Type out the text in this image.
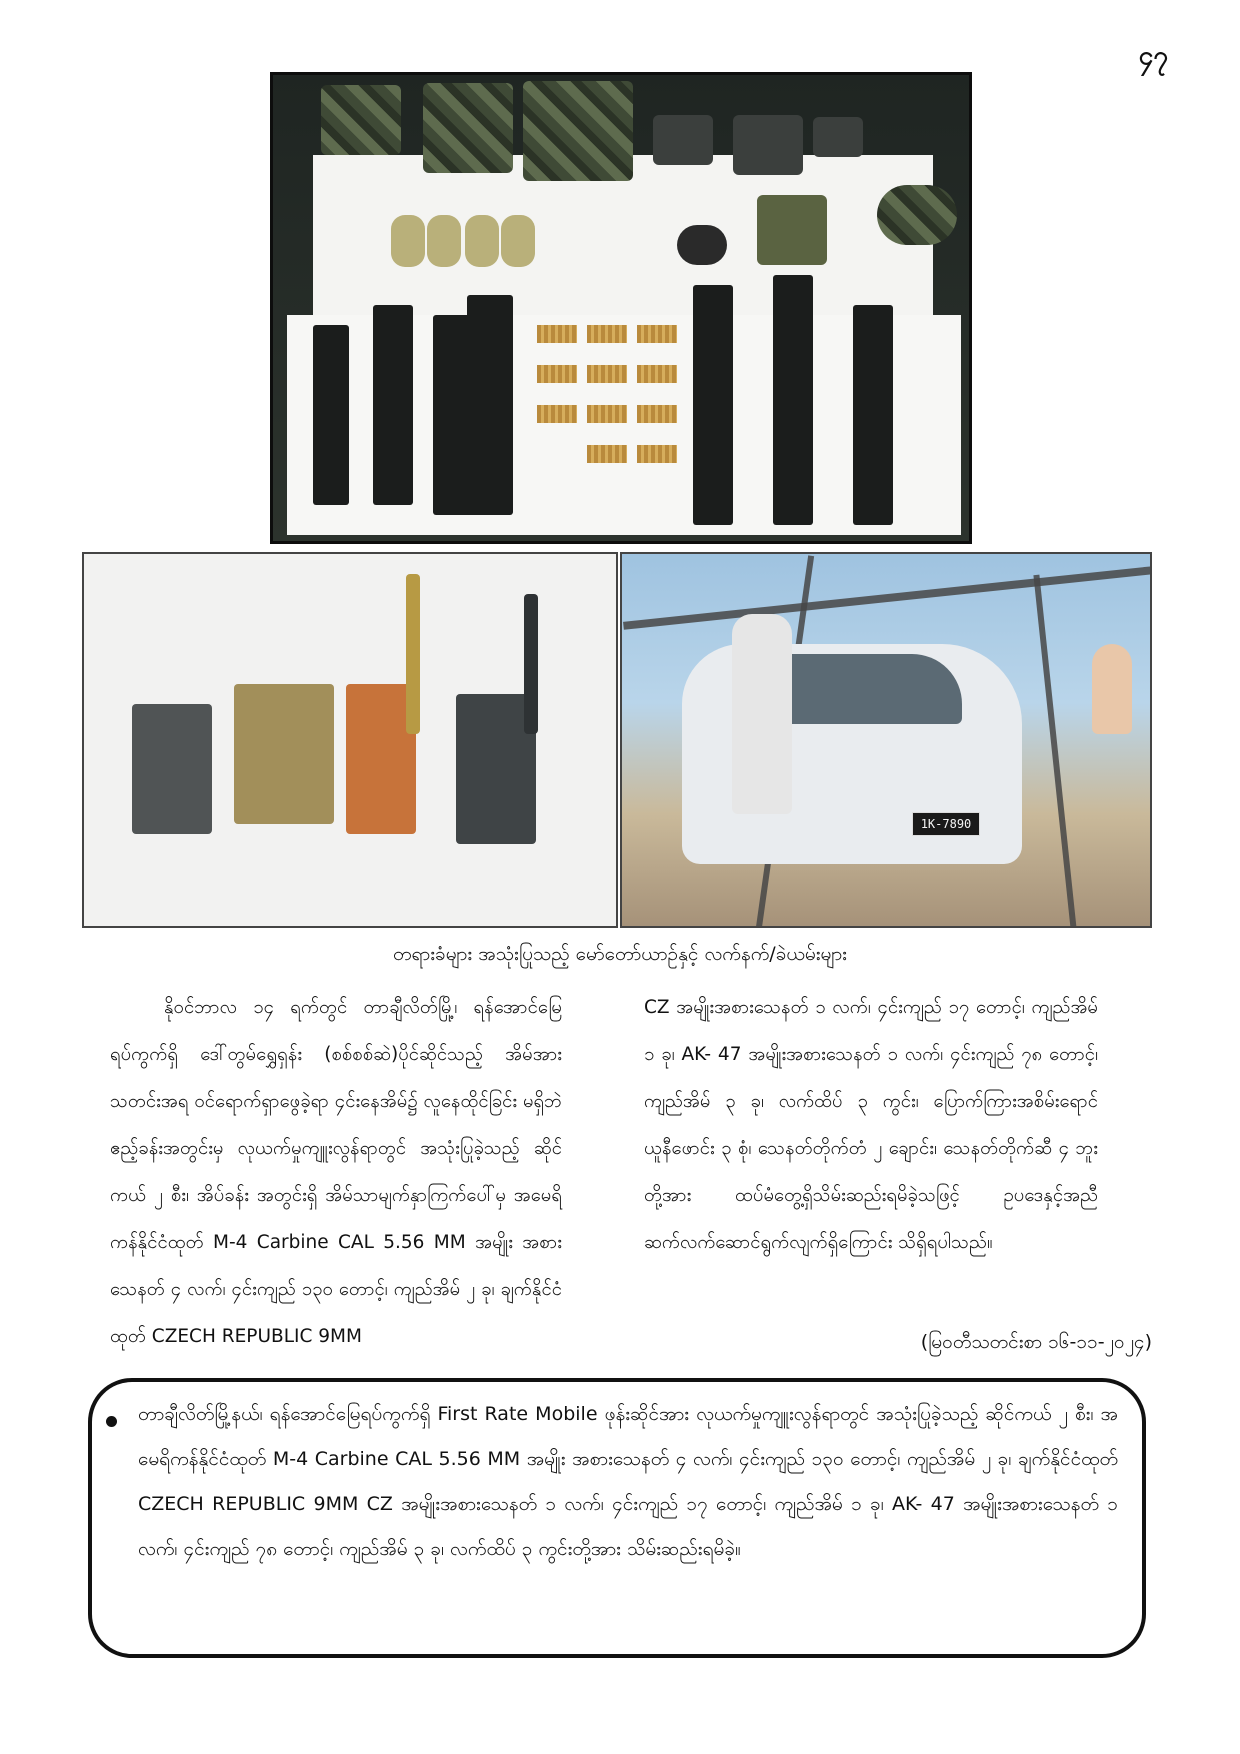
၄၇
1K-7890
တရားခံများ အသုံးပြုသည့် မော်တော်ယာဉ်နှင့် လက်နက်/ခဲယမ်းများ

နိုဝင်ဘာလ ၁၄ ရက်တွင် တာချီလိတ်မြို့၊ ရန်အောင်မြေရပ်ကွက်ရှိ ဒေါ်တွမ်ရွှေရှန်း (စစ်စစ်ဆဲ)ပိုင်ဆိုင်သည့် အိမ်အား သတင်းအရ ဝင်ရောက်ရှာဖွေခဲ့ရာ ၄င်းနေအိမ်၌ လူနေထိုင်ခြင်း မရှိဘဲ ဧည့်ခန်းအတွင်းမှ လုယက်မှုကျူးလွန်ရာတွင် အသုံးပြုခဲ့သည့် ဆိုင်ကယ် ၂ စီး၊ အိပ်ခန်း အတွင်းရှိ အိမ်သာမျက်နှာကြက်ပေါ်မှ အမေရိကန်နိုင်ငံထုတ် M-4 Carbine CAL 5.56 MM အမျိုး အစားသေနတ် ၄ လက်၊ ၄င်းကျည် ၁၃၀ တောင့်၊ ကျည်အိမ် ၂ ခု၊ ချက်နိုင်ငံထုတ် CZECH REPUBLIC 9MM

CZ အမျိုးအစားသေနတ် ၁ လက်၊ ၄င်းကျည် ၁၇ တောင့်၊ ကျည်အိမ် ၁ ခု၊ AK- 47 အမျိုးအစားသေနတ် ၁ လက်၊ ၄င်းကျည် ၇၈ တောင့်၊ ကျည်အိမ် ၃ ခု၊ လက်ထိပ် ၃ ကွင်း၊ ပြောက်ကြားအစိမ်းရောင်ယူနီဖောင်း ၃ စုံ၊ သေနတ်တိုက်တံ ၂ ချောင်း၊ သေနတ်တိုက်ဆီ ၄ ဘူးတို့အား ထပ်မံတွေ့ရှိသိမ်းဆည်းရမိခဲ့သဖြင့် ဥပဒေနှင့်အညီ ဆက်လက်ဆောင်ရွက်လျက်ရှိကြောင်း သိရှိရပါသည်။

(မြဝတီသတင်းစာ ၁၆-၁၁-၂၀၂၄)
တာချီလိတ်မြို့နယ်၊ ရန်အောင်မြေရပ်ကွက်ရှိ First Rate Mobile ဖုန်းဆိုင်အား လုယက်မှုကျူးလွန်ရာတွင် အသုံးပြုခဲ့သည့် ဆိုင်ကယ် ၂ စီး၊ အမေရိကန်နိုင်ငံထုတ် M-4 Carbine CAL 5.56 MM အမျိုး အစားသေနတ် ၄ လက်၊ ၄င်းကျည် ၁၃၀ တောင့်၊ ကျည်အိမ် ၂ ခု၊ ချက်နိုင်ငံထုတ် CZECH REPUBLIC 9MM CZ အမျိုးအစားသေနတ် ၁ လက်၊ ၄င်းကျည် ၁၇ တောင့်၊ ကျည်အိမ် ၁ ခု၊ AK- 47 အမျိုးအစားသေနတ် ၁ လက်၊ ၄င်းကျည် ၇၈ တောင့်၊ ကျည်အိမ် ၃ ခု၊ လက်ထိပ် ၃ ကွင်းတို့အား သိမ်းဆည်းရမိခဲ့။
